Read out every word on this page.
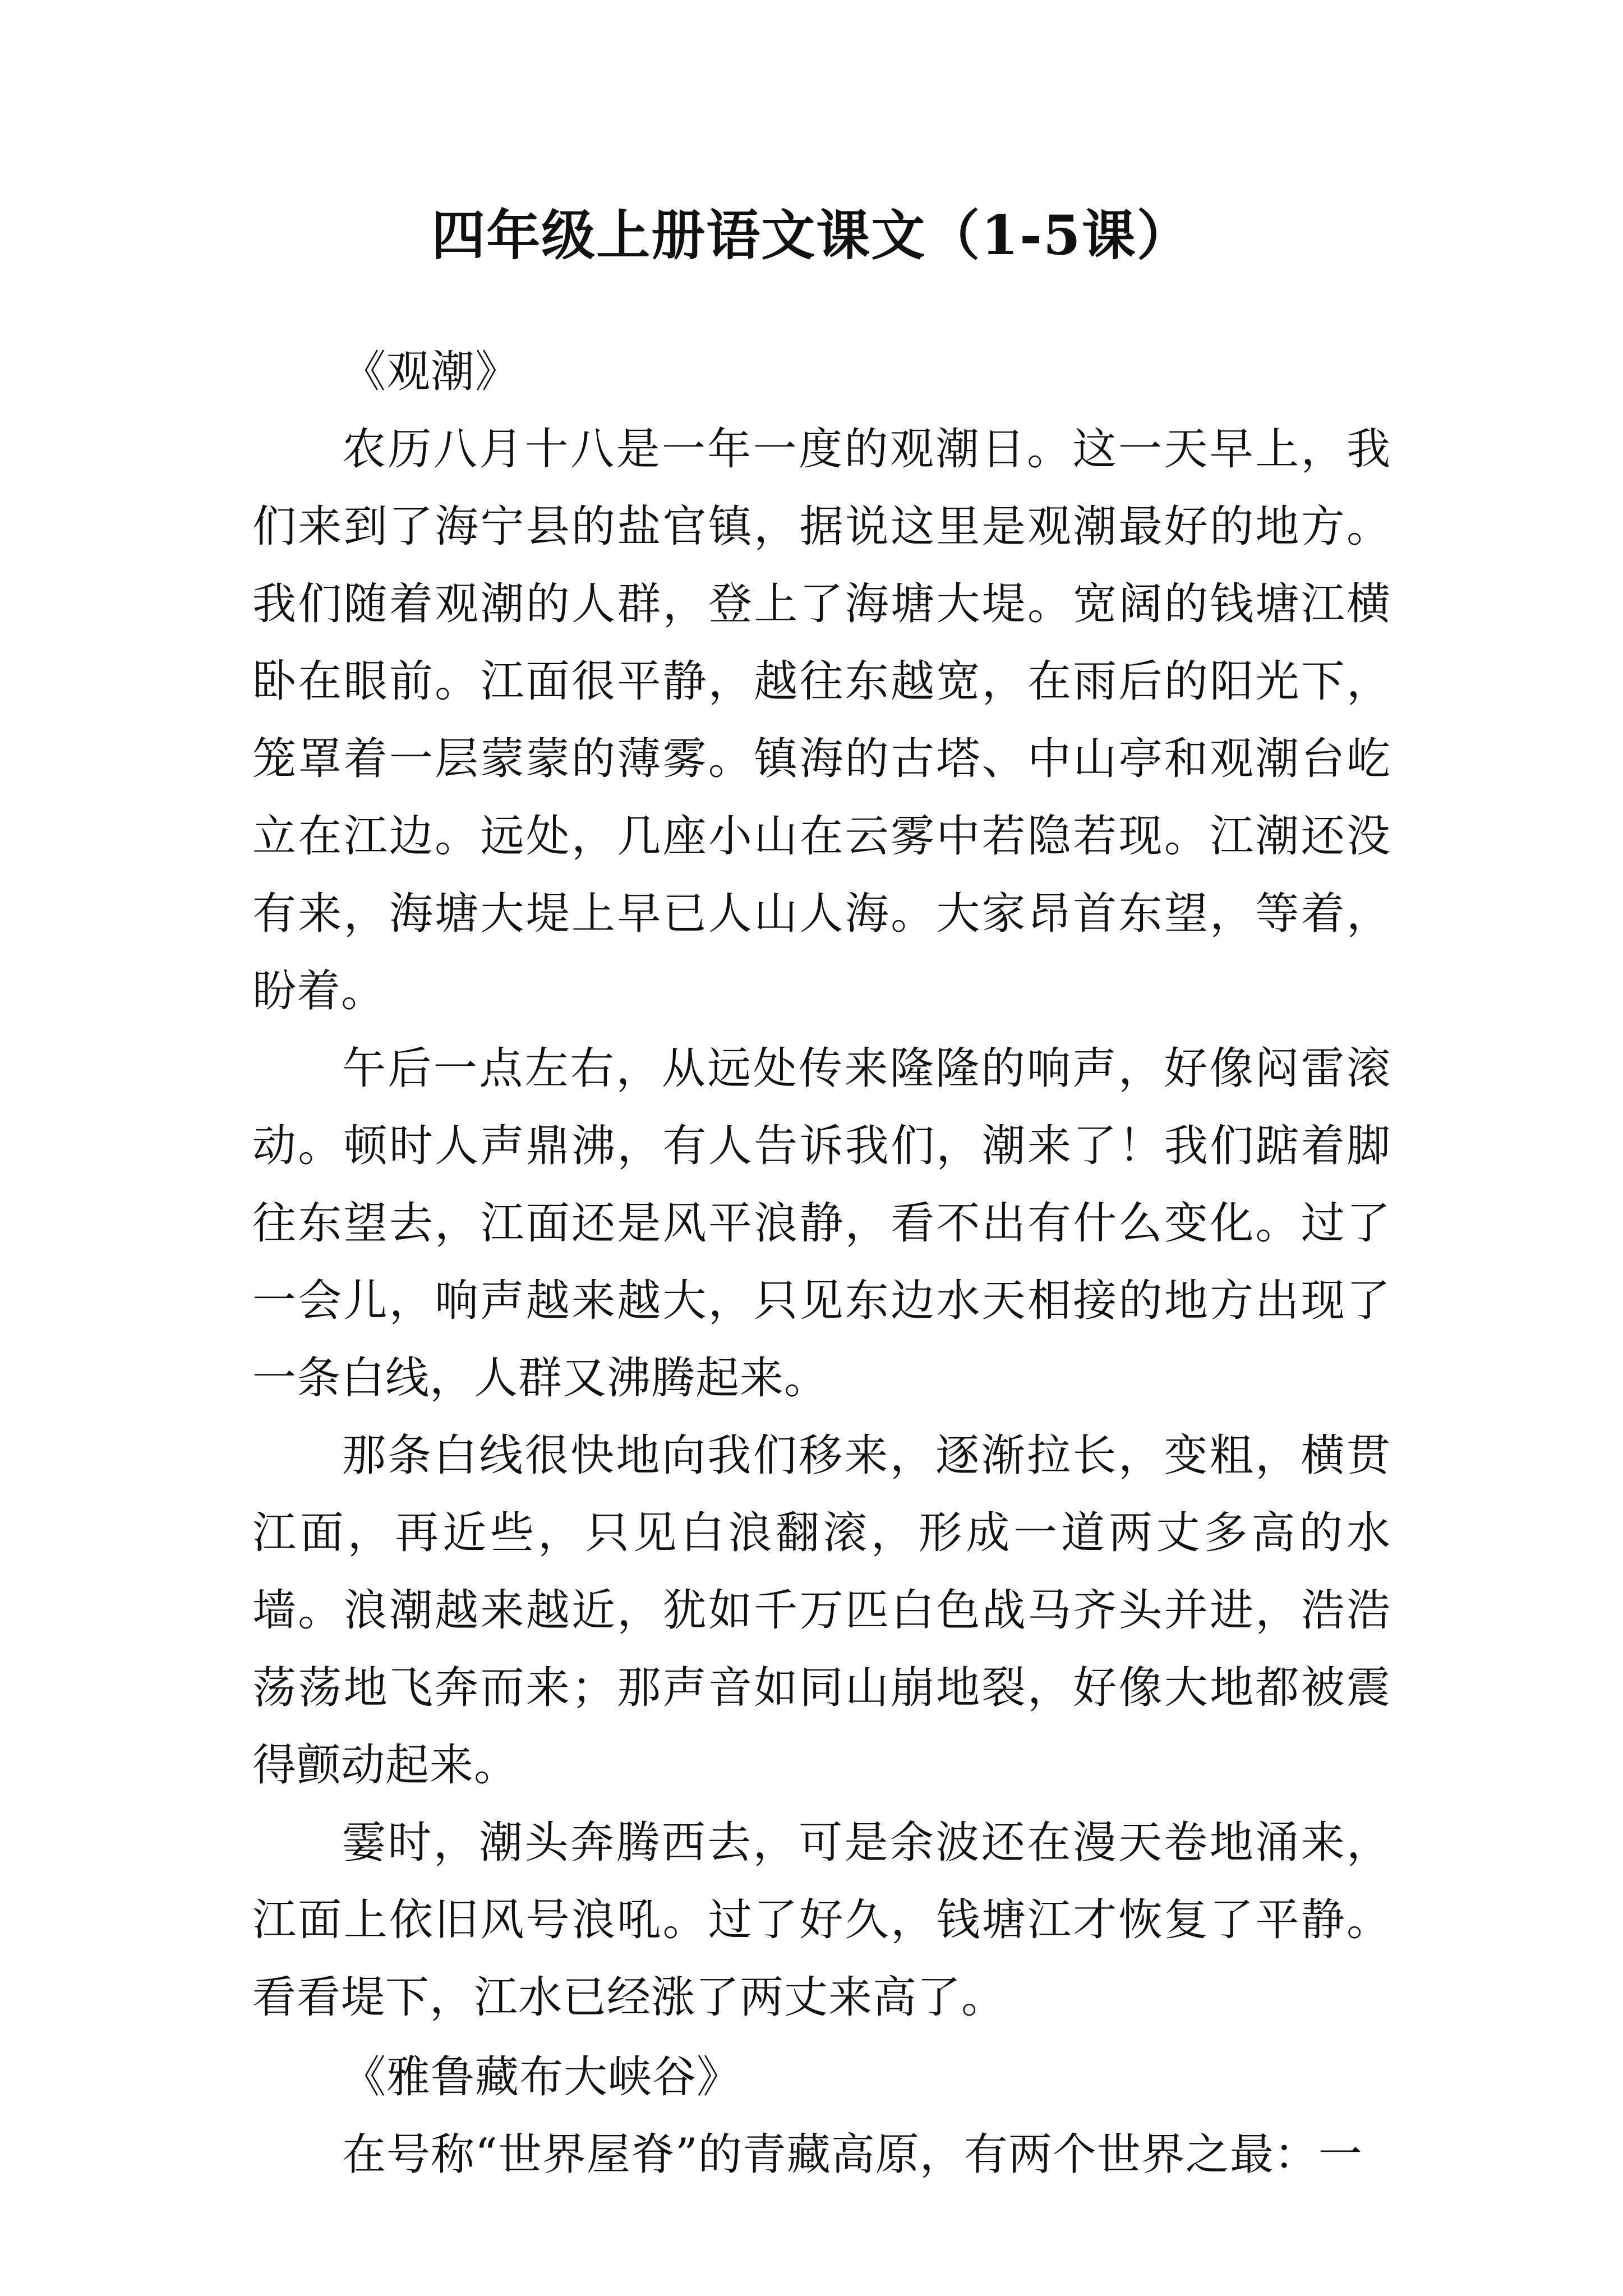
四年级上册语文课文（1-5课）

《观潮》

农历八月十八是一年一度的观潮日。这一天早上，我们来到了海宁县的盐官镇，据说这里是观潮最好的地方。我们随着观潮的人群，登上了海塘大堤。宽阔的钱塘江横卧在眼前。江面很平静，越往东越宽，在雨后的阳光下，笼罩着一层蒙蒙的薄雾。镇海的古塔、中山亭和观潮台屹立在江边。远处，几座小山在云雾中若隐若现。江潮还没有来，海塘大堤上早已人山人海。大家昂首东望，等着，盼着。

午后一点左右，从远处传来隆隆的响声，好像闷雷滚动。顿时人声鼎沸，有人告诉我们，潮来了！我们踮着脚往东望去，江面还是风平浪静，看不出有什么变化。过了一会儿，响声越来越大，只见东边水天相接的地方出现了一条白线，人群又沸腾起来。

那条白线很快地向我们移来，逐渐拉长，变粗，横贯江面，再近些，只见白浪翻滚，形成一道两丈多高的水墙。浪潮越来越近，犹如千万匹白色战马齐头并进，浩浩荡荡地飞奔而来；那声音如同山崩地裂，好像大地都被震得颤动起来。

霎时，潮头奔腾西去，可是余波还在漫天卷地涌来，江面上依旧风号浪吼。过了好久，钱塘江才恢复了平静。看看堤下，江水已经涨了两丈来高了。

《雅鲁藏布大峡谷》

在号称“世界屋脊”的青藏高原，有两个世界之最：一
